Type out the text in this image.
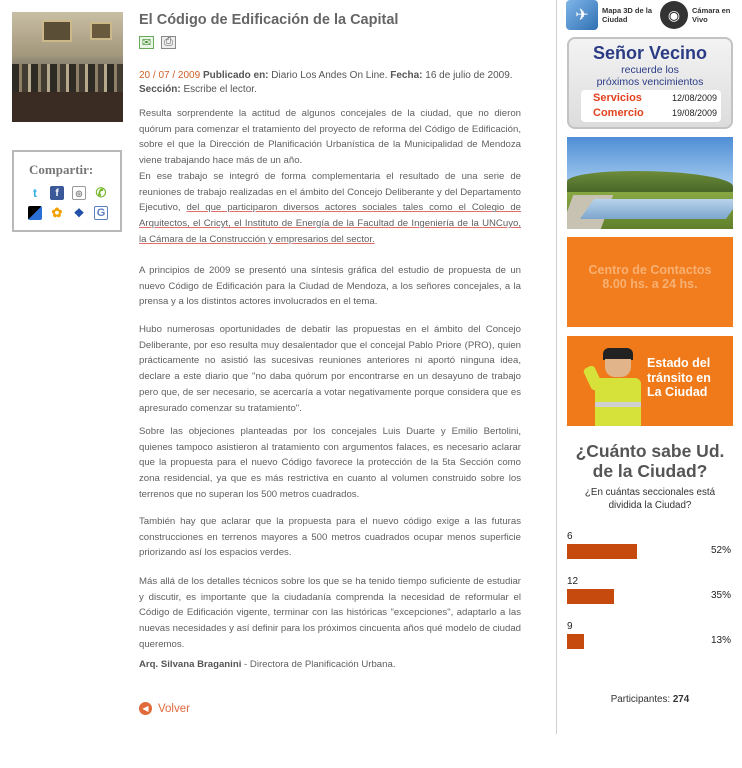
Compartir:
t	f	◎ ✆
✿ ❖ G
El Código de Edificación de la Capital
✉ ⎙
20 / 07 / 2009 Publicado en: Diario Los Andes On Line. Fecha: 16 de julio de 2009.
Sección: Escribe el lector.
Resulta sorprendente la actitud de algunos concejales de la ciudad, que no dieron quórum para comenzar el tratamiento del proyecto de reforma del Código de Edificación, sobre el que la Dirección de Planificación Urbanística de la Municipalidad de Mendoza viene trabajando hace más de un año.
En ese trabajo se integró de forma complementaria el resultado de una serie de reuniones de trabajo realizadas en el ámbito del Concejo Deliberante y del Departamento Ejecutivo, del que participaron diversos actores sociales tales como el Colegio de Arquitectos, el Cricyt, el Instituto de Energía de la Facultad de Ingeniería de la UNCuyo, la Cámara de la Construcción y empresarios del sector.
A principios de 2009 se presentó una síntesis gráfica del estudio de propuesta de un nuevo Código de Edificación para la Ciudad de Mendoza, a los señores concejales, a la prensa y a los distintos actores involucrados en el tema.
Hubo numerosas oportunidades de debatir las propuestas en el ámbito del Concejo Deliberante, por eso resulta muy desalentador que el concejal Pablo Priore (PRO), quien prácticamente no asistió las sucesivas reuniones anteriores ni aportó ninguna idea, declare a este diario que "no daba quórum por encontrarse en un desayuno de trabajo pero que, de ser necesario, se acercaría a votar negativamente porque considera que es apresurado comenzar su tratamiento".
Sobre las objeciones planteadas por los concejales Luis Duarte y Emilio Bertolini, quienes tampoco asistieron al tratamiento con argumentos falaces, es necesario aclarar que la propuesta para el nuevo Código favorece la protección de la 5ta Sección como zona residencial, ya que es más restrictiva en cuanto al volumen construido sobre los terrenos que no superan los 500 metros cuadrados.
También hay que aclarar que la propuesta para el nuevo código exige a las futuras construcciones en terrenos mayores a 500 metros cuadrados ocupar menos superficie priorizando así los espacios verdes.
Más allá de los detalles técnicos sobre los que se ha tenido tiempo suficiente de estudiar y discutir, es importante que la ciudadanía comprenda la necesidad de reformular el Código de Edificación vigente, terminar con las históricas "excepciones", adaptarlo a las nuevas necesidades y así definir para los próximos cincuenta años qué modelo de ciudad queremos.
Arq. Silvana Braganini - Directora de Planificación Urbana.
◀ Volver
✈	Mapa 3D de la Ciudad	◉	Cámara en Vivo
Señor Vecino
recuerde los
próximos vencimientos
Servicios	12/08/2009
Comercio	19/08/2009
Centro de Contactos
8.00 hs. a 24 hs.
Estado del
tránsito en
La Ciudad
¿Cuánto sabe Ud.
de la Ciudad?
¿En cuántas seccionales está
dividida la Ciudad?
6
52%
12
35%
9
13%
Participantes: 274
